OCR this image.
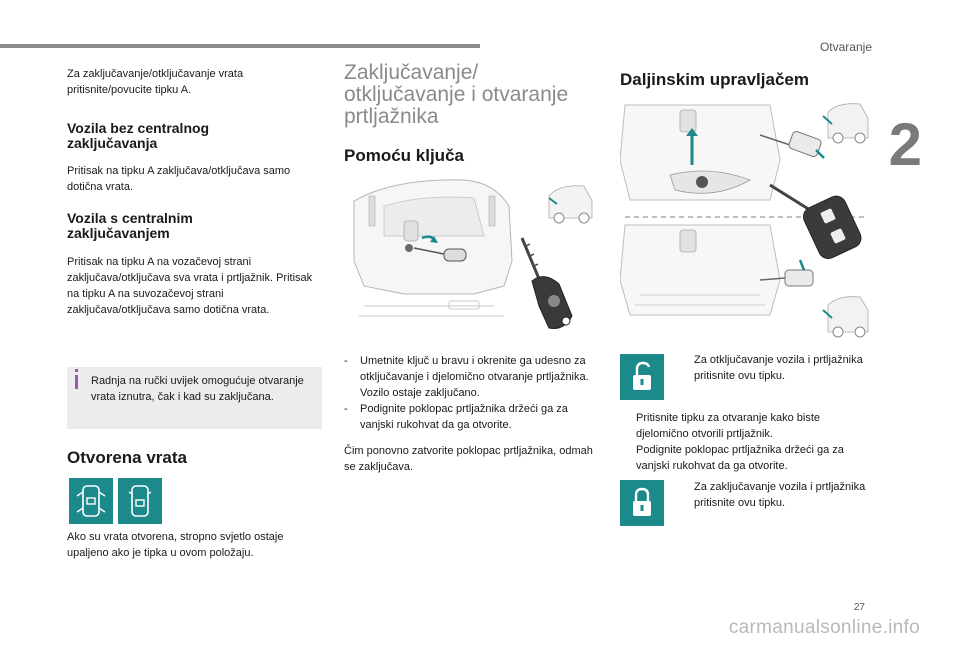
Otvaranje
2
27
carmanualsonline.info

Za zaključavanje/otključavanje vrata pritisnite/povucite tipku A.

Vozila bez centralnog
zaključavanja

Pritisak na tipku A zaključava/otključava samo dotična vrata.

Vozila s centralnim
zaključavanjem

Pritisak na tipku A na vozačevoj strani zaključava/otključava sva vrata i prtljažnik. Pritisak na tipku A na suvozačevoj strani zaključava/otključava samo dotična vrata.

Radnja na ručki uvijek omogućuje otvaranje vrata iznutra, čak i kad su zaključana.

Otvorena vrata

Ako su vrata otvorena, stropno svjetlo ostaje upaljeno ako je tipka u ovom položaju.

Zaključavanje/
otključavanje i otvaranje
prtljažnika
Pomoću ključa
- Umetnite ključ u bravu i okrenite ga udesno za otključavanje i djelomično otvaranje prtljažnika. Vozilo ostaje zaključano.

- Podignite poklopac prtljažnika držeći ga za vanjski rukohvat da ga otvorite.

Čim ponovno zatvorite poklopac prtljažnika, odmah se zaključava.

Daljinskim upravljačem

Za otključavanje vozila i prtljažnika pritisnite ovu tipku.

Pritisnite tipku za otvaranje kako biste djelomično otvorili prtljažnik.

Podignite poklopac prtljažnika držeći ga za vanjski rukohvat da ga otvorite.

Za zaključavanje vozila i prtljažnika pritisnite ovu tipku.
